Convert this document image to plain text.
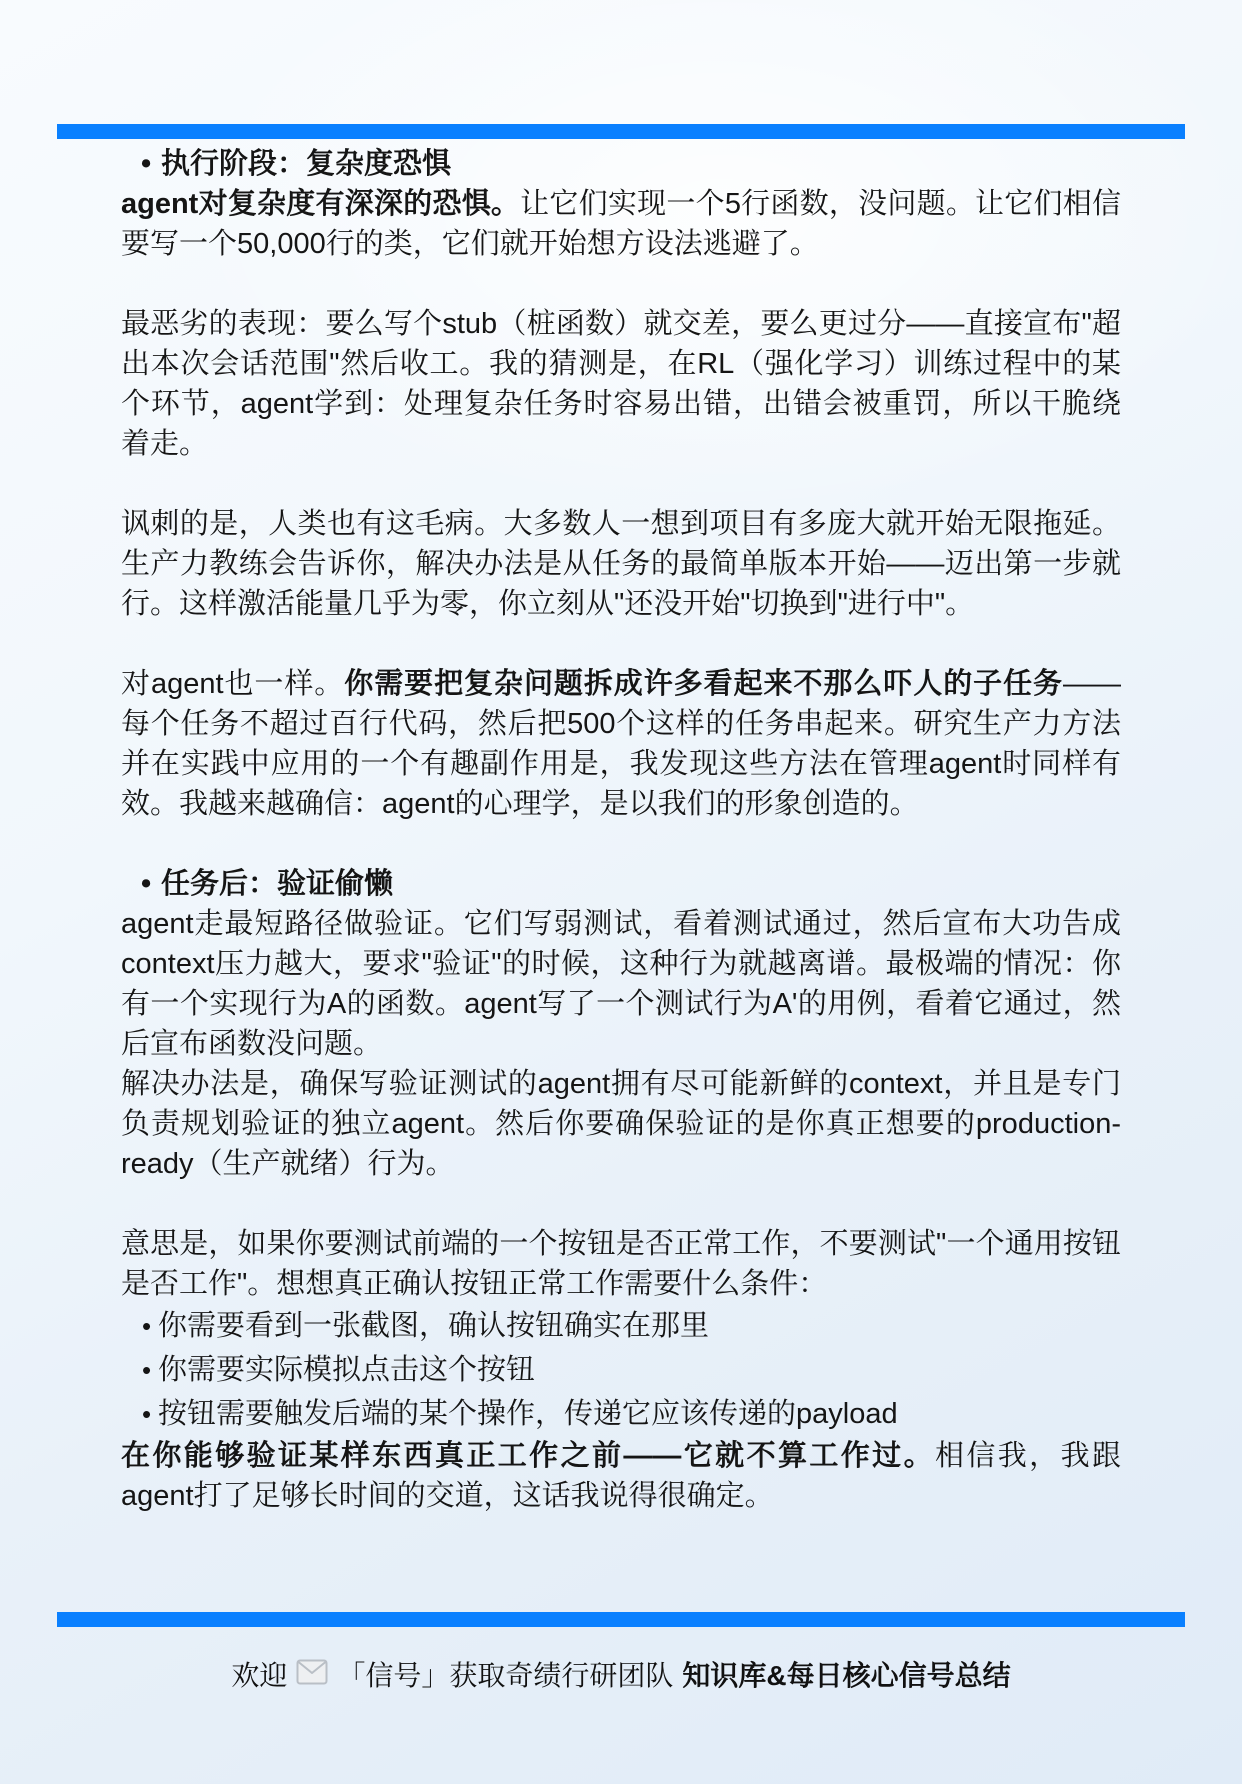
• 执行阶段：复杂度恐惧

agent对复杂度有深深的恐惧。让它们实现一个5行函数，没问题。让它们相信要写一个50,000行的类，它们就开始想方设法逃避了。

最恶劣的表现：要么写个stub（桩函数）就交差，要么更过分——直接宣布"超出本次会话范围"然后收工。我的猜测是，在RL（强化学习）训练过程中的某个环节，agent学到：处理复杂任务时容易出错，出错会被重罚，所以干脆绕着走。

讽刺的是，人类也有这毛病。大多数人一想到项目有多庞大就开始无限拖延。生产力教练会告诉你，解决办法是从任务的最简单版本开始——迈出第一步就行。这样激活能量几乎为零，你立刻从"还没开始"切换到"进行中"。

对agent也一样。你需要把复杂问题拆成许多看起来不那么吓人的子任务——每个任务不超过百行代码，然后把500个这样的任务串起来。研究生产力方法并在实践中应用的一个有趣副作用是，我发现这些方法在管理agent时同样有效。我越来越确信：agent的心理学，是以我们的形象创造的。

• 任务后：验证偷懒

agent走最短路径做验证。它们写弱测试，看着测试通过，然后宣布大功告成context压力越大，要求"验证"的时候，这种行为就越离谱。最极端的情况：你有一个实现行为A的函数。agent写了一个测试行为A'的用例，看着它通过，然后宣布函数没问题。

解决办法是，确保写验证测试的agent拥有尽可能新鲜的context，并且是专门负责规划验证的独立agent。然后你要确保验证的是你真正想要的production-ready（生产就绪）行为。

意思是，如果你要测试前端的一个按钮是否正常工作，不要测试"一个通用按钮是否工作"。想想真正确认按钮正常工作需要什么条件：

• 你需要看到一张截图，确认按钮确实在那里
• 你需要实际模拟点击这个按钮
• 按钮需要触发后端的某个操作，传递它应该传递的payload

在你能够验证某样东西真正工作之前——它就不算工作过。相信我，我跟agent打了足够长时间的交道，这话我说得很确定。

欢迎 「信号」获取奇绩行研团队 知识库&每日核心信号总结
